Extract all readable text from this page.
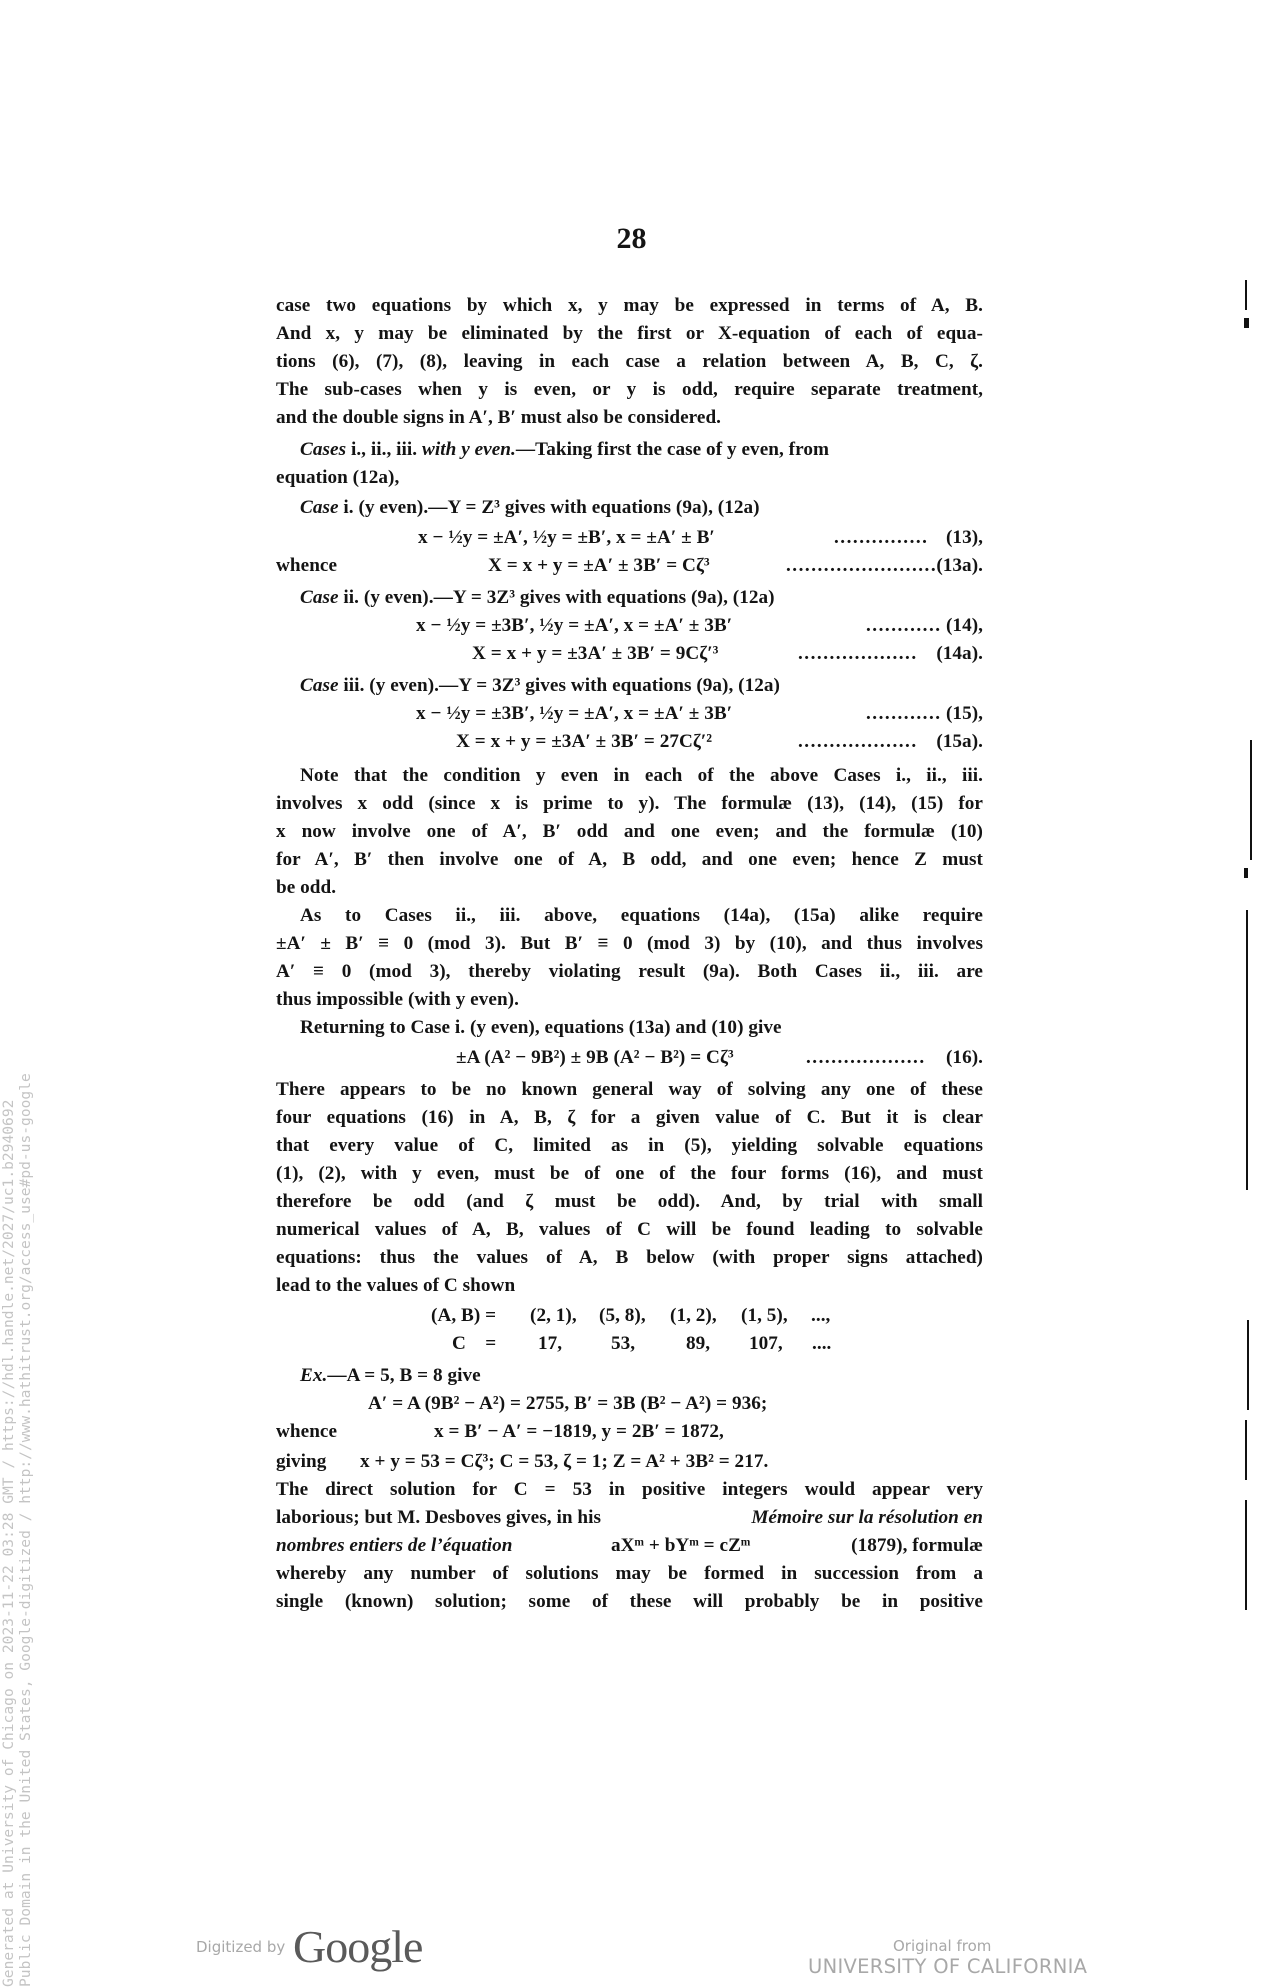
28
case two equations by which x, y may be expressed in terms of A, B.
And x, y may be eliminated by the first or X-equation of each of equa-
tions (6), (7), (8), leaving in each case a relation between A, B, C, ζ.
The sub-cases when y is even, or y is odd, require separate treatment,
and the double signs in A′, B′ must also be considered.
Cases i., ii., iii. with y even.—Taking first the case of y even, from
equation (12a),
Case i. (y even).—Y = Z³ gives with equations (9a), (12a)
x − ½y = ±A′, ½y = ±B′, x = ±A′ ± B′	............... (13),
whence	X = x + y = ±A′ ± 3B′ = Cζ³	........................ (13a).
Case ii. (y even).—Y = 3Z³ gives with equations (9a), (12a)
x − ½y = ±3B′, ½y = ±A′, x = ±A′ ± 3B′	............ (14),
X = x + y = ±3A′ ± 3B′ = 9Cζ′³	................... (14a).
Case iii. (y even).—Y = 3Z³ gives with equations (9a), (12a)
x − ½y = ±3B′, ½y = ±A′, x = ±A′ ± 3B′	............ (15),
X = x + y = ±3A′ ± 3B′ = 27Cζ′²	................... (15a).
Note that the condition y even in each of the above Cases i., ii., iii.
involves x odd (since x is prime to y). The formulæ (13), (14), (15) for
x now involve one of A′, B′ odd and one even; and the formulæ (10)
for A′, B′ then involve one of A, B odd, and one even; hence Z must
be odd.
As to Cases ii., iii. above, equations (14a), (15a) alike require
±A′ ± B′ ≡ 0 (mod 3). But B′ ≡ 0 (mod 3) by (10), and thus involves
A′ ≡ 0 (mod 3), thereby violating result (9a). Both Cases ii., iii. are
thus impossible (with y even).
Returning to Case i. (y even), equations (13a) and (10) give
±A (A² − 9B²) ± 9B (A² − B²) = Cζ³	................... (16).
There appears to be no known general way of solving any one of these
four equations (16) in A, B, ζ for a given value of C. But it is clear
that every value of C, limited as in (5), yielding solvable equations
(1), (2), with y even, must be of one of the four forms (16), and must
therefore be odd (and ζ must be odd). And, by trial with small
numerical values of A, B, values of C will be found leading to solvable
equations: thus the values of A, B below (with proper signs attached)
lead to the values of C shown
(A, B) = (2, 1), (5, 8), (1, 2), (1, 5), ...,
C    = 17,	53,	89, 107, ....
Ex.—A = 5, B = 8 give
A′ = A (9B² − A²) = 2755, B′ = 3B (B² − A²) = 936;
whence	x = B′ − A′ = −1819, y = 2B′ = 1872,
giving x + y = 53 = Cζ³; C = 53, ζ = 1; Z = A² + 3B² = 217.
The direct solution for C = 53 in positive integers would appear very
laborious; but M. Desboves gives, in his	Mémoire sur la résolution en
nombres entiers de l’équation	aXᵐ + bYᵐ = cZᵐ	(1879), formulæ
whereby any number of solutions may be formed in succession from a
single (known) solution; some of these will probably be in positive
Generated at University of Chicago on 2023-11-22 03:28 GMT / https://hdl.handle.net/2027/uc1.b2940692 Public Domain in the United States, Google-digitized / http://www.hathitrust.org/access_use#pd-us-google	Digitized by Google	Original from
UNIVERSITY OF CALIFORNIA
